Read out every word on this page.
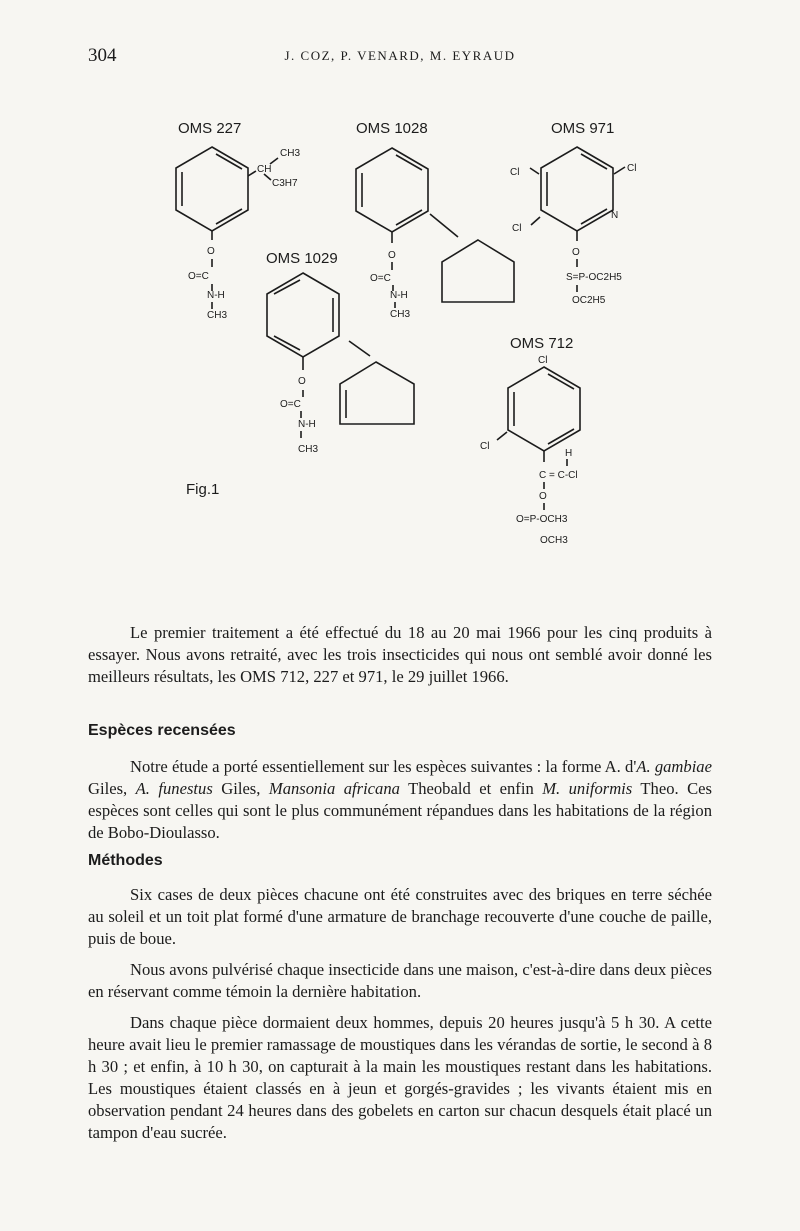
304	J. COZ, P. VENARD, M. EYRAUD
OMS 227
CH
CH3
C3H7
O
O=C
N-H
CH3
OMS 1028
O
O=C
N-H
CH3
OMS 971
Cl	Cl
Cl
N
O
S=P-OC2H5
OC2H5
OMS 1029
O
O=C
N-H
CH3
OMS 712
Cl
Cl
H
C = C-Cl
O
O=P-OCH3
OCH3
Fig.1

Le premier traitement a été effectué du 18 au 20 mai 1966 pour les cinq produits à essayer. Nous avons retraité, avec les trois insecticides qui nous ont semblé avoir donné les meilleurs résultats, les OMS 712, 227 et 971, le 29 juillet 1966.

Espèces recensées

Notre étude a porté essentiellement sur les espèces suivantes : la forme A. d'A. gambiae Giles, A. funestus Giles, Mansonia africana Theobald et enfin M. uniformis Theo. Ces espèces sont celles qui sont le plus communément répandues dans les habitations de la région de Bobo-Dioulasso.

Méthodes

Six cases de deux pièces chacune ont été construites avec des briques en terre séchée au soleil et un toit plat formé d'une armature de branchage recouverte d'une couche de paille, puis de boue.

Nous avons pulvérisé chaque insecticide dans une maison, c'est-à-dire dans deux pièces en réservant comme témoin la dernière habitation.

Dans chaque pièce dormaient deux hommes, depuis 20 heures jusqu'à 5 h 30. A cette heure avait lieu le premier ramassage de moustiques dans les vérandas de sortie, le second à 8 h 30 ; et enfin, à 10 h 30, on capturait à la main les moustiques restant dans les habitations. Les moustiques étaient classés en à jeun et gorgés-gravides ; les vivants étaient mis en observation pendant 24 heures dans des gobelets en carton sur chacun desquels était placé un tampon d'eau sucrée.
